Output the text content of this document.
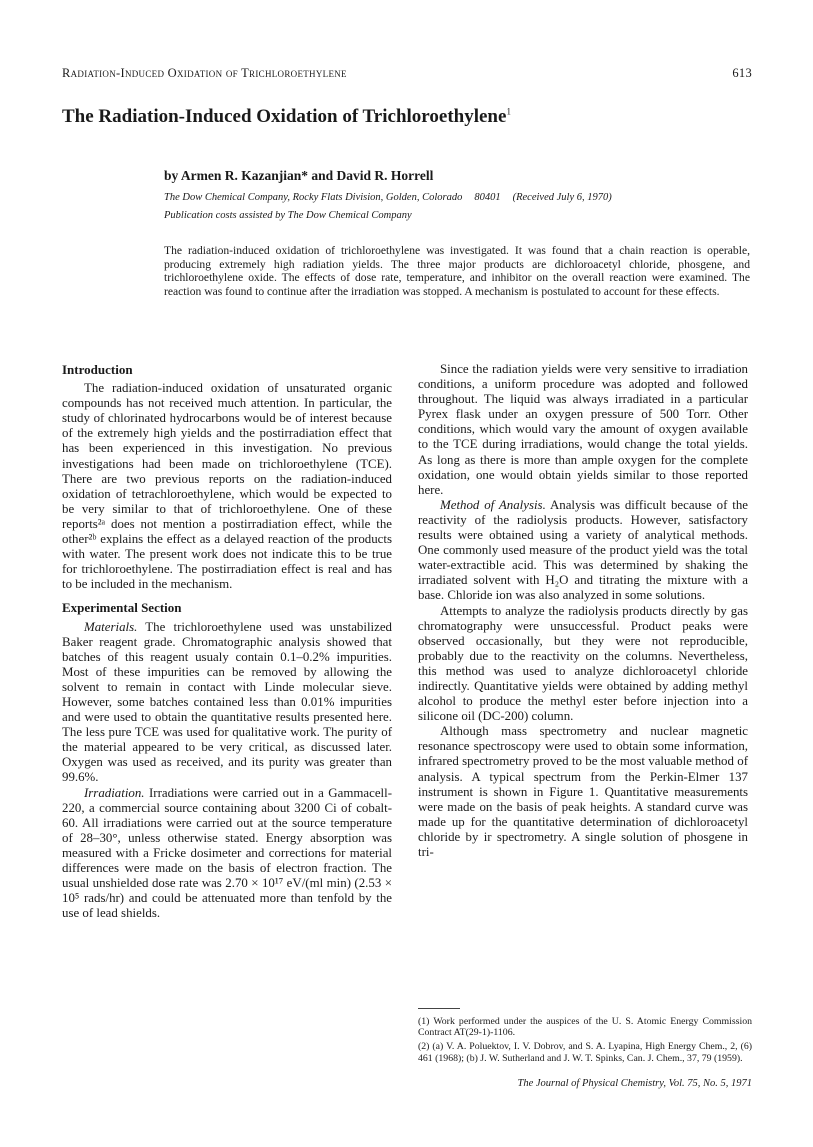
Radiation-Induced Oxidation of Trichloroethylene	613
The Radiation-Induced Oxidation of Trichloroethylene$^1$
by Armen R. Kazanjian* and David R. Horrell
The Dow Chemical Company, Rocky Flats Division, Golden, Colorado 80401 (Received July 6, 1970)
Publication costs assisted by The Dow Chemical Company
The radiation-induced oxidation of trichloroethylene was investigated. It was found that a chain reaction is operable, producing extremely high radiation yields. The three major products are dichloroacetyl chloride, phosgene, and trichloroethylene oxide. The effects of dose rate, temperature, and inhibitor on the overall reaction were examined. The reaction was found to continue after the irradiation was stopped. A mechanism is postulated to account for these effects.
Introduction

The radiation-induced oxidation of unsaturated organic compounds has not received much attention. In particular, the study of chlorinated hydrocarbons would be of interest because of the extremely high yields and the postirradiation effect that has been experienced in this investigation. No previous investigations had been made on trichloroethylene (TCE). There are two previous reports on the radiation-induced oxidation of tetrachloroethylene, which would be expected to be very similar to that of trichloroethylene. One of these reports²ᵃ does not mention a postirradiation effect, while the other²ᵇ explains the effect as a delayed reaction of the products with water. The present work does not indicate this to be true for trichloroethylene. The postirradiation effect is real and has to be included in the mechanism.

Experimental Section

Materials. The trichloroethylene used was unstabilized Baker reagent grade. Chromatographic analysis showed that batches of this reagent usualy contain 0.1–0.2% impurities. Most of these impurities can be removed by allowing the solvent to remain in contact with Linde molecular sieve. However, some batches contained less than 0.01% impurities and were used to obtain the quantitative results presented here. The less pure TCE was used for qualitative work. The purity of the material appeared to be very critical, as discussed later. Oxygen was used as received, and its purity was greater than 99.6%.

Irradiation. Irradiations were carried out in a Gammacell-220, a commercial source containing about 3200 Ci of cobalt-60. All irradiations were carried out at the source temperature of 28–30°, unless otherwise stated. Energy absorption was measured with a Fricke dosimeter and corrections for material differences were made on the basis of electron fraction. The usual unshielded dose rate was 2.70 × 10¹⁷ eV/(ml min) (2.53 × 10⁵ rads/hr) and could be attenuated more than tenfold by the use of lead shields.

Since the radiation yields were very sensitive to irradiation conditions, a uniform procedure was adopted and followed throughout. The liquid was always irradiated in a particular Pyrex flask under an oxygen pressure of 500 Torr. Other conditions, which would vary the amount of oxygen available to the TCE during irradiations, would change the total yields. As long as there is more than ample oxygen for the complete oxidation, one would obtain yields similar to those reported here.

Method of Analysis. Analysis was difficult because of the reactivity of the radiolysis products. However, satisfactory results were obtained using a variety of analytical methods. One commonly used measure of the product yield was the total water-extractible acid. This was determined by shaking the irradiated solvent with H₂O and titrating the mixture with a base. Chloride ion was also analyzed in some solutions.

Attempts to analyze the radiolysis products directly by gas chromatography were unsuccessful. Product peaks were observed occasionally, but they were not reproducible, probably due to the reactivity on the columns. Nevertheless, this method was used to analyze dichloroacetyl chloride indirectly. Quantitative yields were obtained by adding methyl alcohol to produce the methyl ester before injection into a silicone oil (DC-200) column.

Although mass spectrometry and nuclear magnetic resonance spectroscopy were used to obtain some information, infrared spectrometry proved to be the most valuable method of analysis. A typical spectrum from the Perkin-Elmer 137 instrument is shown in Figure 1. Quantitative measurements were made on the basis of peak heights. A standard curve was made up for the quantitative determination of dichloroacetyl chloride by ir spectrometry. A single solution of phosgene in tri-

(1) Work performed under the auspices of the U. S. Atomic Energy Commission Contract AT(29-1)-1106.

(2) (a) V. A. Poluektov, I. V. Dobrov, and S. A. Lyapina, High Energy Chem., 2, (6) 461 (1968); (b) J. W. Sutherland and J. W. T. Spinks, Can. J. Chem., 37, 79 (1959).

The Journal of Physical Chemistry, Vol. 75, No. 5, 1971
